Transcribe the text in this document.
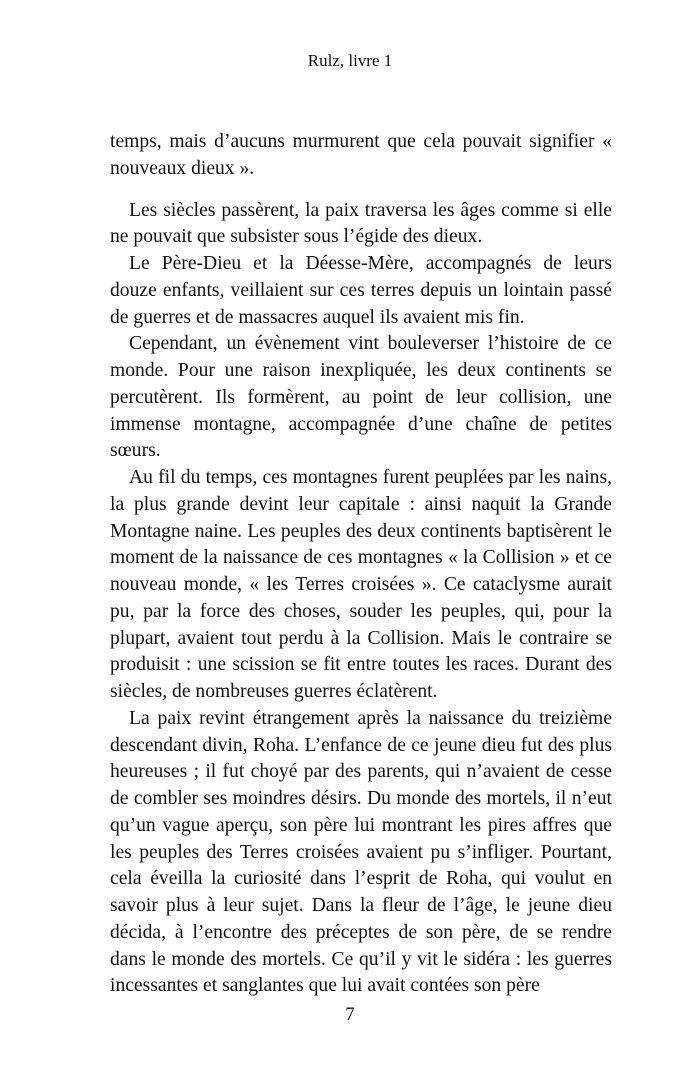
Rulz, livre 1

temps, mais d’aucuns murmurent que cela pouvait signifier « nouveaux dieux ».

Les siècles passèrent, la paix traversa les âges comme si elle ne pouvait que subsister sous l’égide des dieux.

Le Père-Dieu et la Déesse-Mère, accompagnés de leurs douze enfants, veillaient sur ces terres depuis un lointain passé de guerres et de massacres auquel ils avaient mis fin.

Cependant, un évènement vint bouleverser l’histoire de ce monde. Pour une raison inexpliquée, les deux continents se percutèrent. Ils formèrent, au point de leur collision, une immense montagne, accompagnée d’une chaîne de petites sœurs.

Au fil du temps, ces montagnes furent peuplées par les nains, la plus grande devint leur capitale : ainsi naquit la Grande Montagne naine. Les peuples des deux continents baptisèrent le moment de la naissance de ces montagnes « la Collision » et ce nouveau monde, « les Terres croisées ». Ce cataclysme aurait pu, par la force des choses, souder les peuples, qui, pour la plupart, avaient tout perdu à la Collision. Mais le contraire se produisit : une scission se fit entre toutes les races. Durant des siècles, de nombreuses guerres éclatèrent.

La paix revint étrangement après la naissance du treizième descendant divin, Roha. L’enfance de ce jeune dieu fut des plus heureuses ; il fut choyé par des parents, qui n’avaient de cesse de combler ses moindres désirs. Du monde des mortels, il n’eut qu’un vague aperçu, son père lui montrant les pires affres que les peuples des Terres croisées avaient pu s’infliger. Pourtant, cela éveilla la curiosité dans l’esprit de Roha, qui voulut en savoir plus à leur sujet. Dans la fleur de l’âge, le jeune dieu décida, à l’encontre des préceptes de son père, de se rendre dans le monde des mortels. Ce qu’il y vit le sidéra : les guerres incessantes et sanglantes que lui avait contées son père

7
